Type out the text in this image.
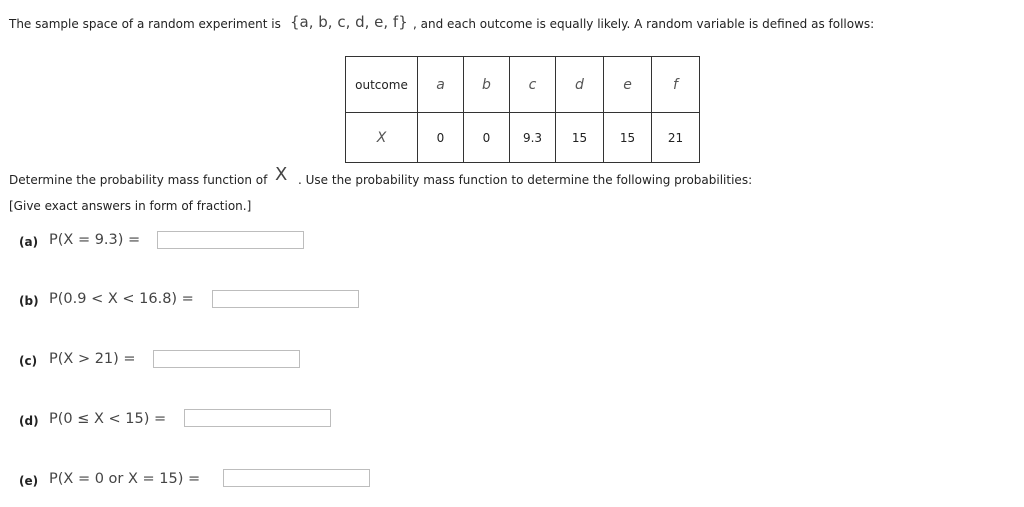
The sample space of a random experiment is {a, b, c, d, e, f} , and each outcome is equally likely. A random variable is defined as follows:
outcome	a	b	c	d	e	f
X	0	0	9.3	15	15	21
Determine the probability mass function of X . Use the probability mass function to determine the following probabilities:
[Give exact answers in form of fraction.]
(a) P(X = 9.3) =
(b) P(0.9 < X < 16.8) =
(c) P(X > 21) =
(d) P(0 ≤ X < 15) =
(e) P(X = 0 or X = 15) =
